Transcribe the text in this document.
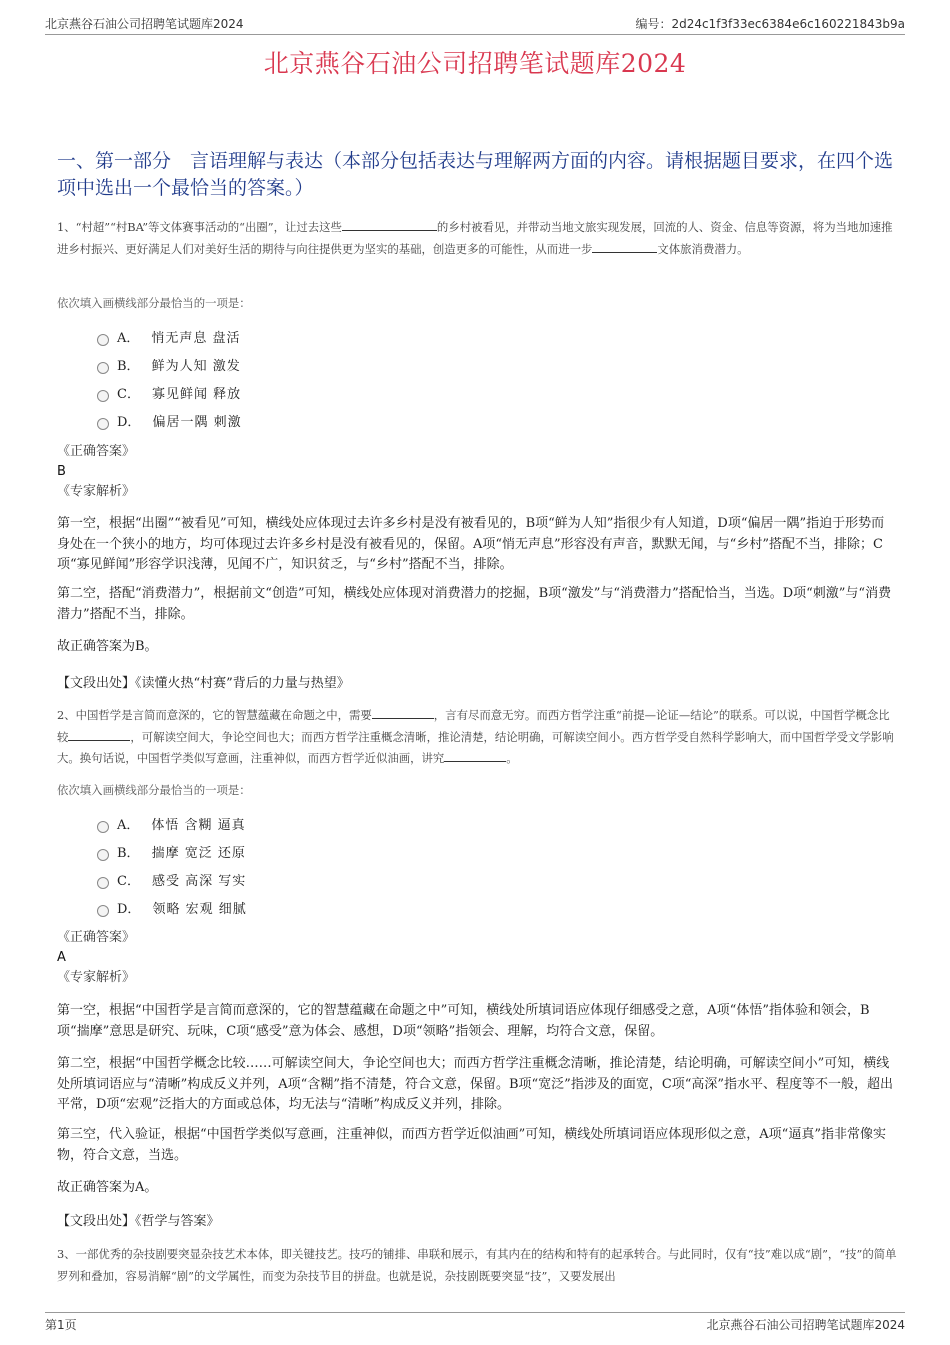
北京燕谷石油公司招聘笔试题库2024	编号：2d24c1f3f33ec6384e6c160221843b9a
北京燕谷石油公司招聘笔试题库2024
一、第一部分　言语理解与表达（本部分包括表达与理解两方面的内容。请根据题目要求，在四个选项中选出一个最恰当的答案。）

1、“村超”“村BA”等文体赛事活动的“出圈”，让过去这些	的乡村被看见，并带动当地文旅实现发展，回流的人、资金、信息等资源，将为当地加速推进乡村振兴、更好满足人们对美好生活的期待与向往提供更为坚实的基础，创造更多的可能性，从而进一步	文体旅消费潜力。

依次填入画横线部分最恰当的一项是：

A． 悄无声息 盘活
B． 鲜为人知 激发
C． 寡见鲜闻 释放
D． 偏居一隅 刺激

《正确答案》

B

《专家解析》

第一空，根据“出圈”“被看见”可知，横线处应体现过去许多乡村是没有被看见的，B项“鲜为人知”指很少有人知道，D项“偏居一隅”指迫于形势而身处在一个狭小的地方，均可体现过去许多乡村是没有被看见的，保留。A项“悄无声息”形容没有声音，默默无闻，与“乡村”搭配不当，排除；C项“寡见鲜闻”形容学识浅薄，见闻不广，知识贫乏，与“乡村”搭配不当，排除。

第二空，搭配“消费潜力”，根据前文“创造”可知，横线处应体现对消费潜力的挖掘，B项“激发”与“消费潜力”搭配恰当，当选。D项“刺激”与“消费潜力”搭配不当，排除。

故正确答案为B。

【文段出处】《读懂火热“村赛”背后的力量与热望》

2、中国哲学是言简而意深的，它的智慧蕴藏在命题之中，需要	，言有尽而意无穷。而西方哲学注重“前提—论证—结论”的联系。可以说，中国哲学概念比较	，可解读空间大，争论空间也大；而西方哲学注重概念清晰，推论清楚，结论明确，可解读空间小。西方哲学受自然科学影响大，而中国哲学受文学影响大。换句话说，中国哲学类似写意画，注重神似，而西方哲学近似油画，讲究	。

依次填入画横线部分最恰当的一项是：

A． 体悟 含糊 逼真
B． 揣摩 宽泛 还原
C． 感受 高深 写实
D． 领略 宏观 细腻

《正确答案》

A

《专家解析》

第一空，根据“中国哲学是言简而意深的，它的智慧蕴藏在命题之中”可知，横线处所填词语应体现仔细感受之意，A项“体悟”指体验和领会，B项“揣摩”意思是研究、玩味，C项“感受”意为体会、感想，D项“领略”指领会、理解，均符合文意，保留。

第二空，根据“中国哲学概念比较……可解读空间大，争论空间也大；而西方哲学注重概念清晰，推论清楚，结论明确，可解读空间小”可知，横线处所填词语应与“清晰”构成反义并列，A项“含糊”指不清楚，符合文意，保留。B项“宽泛”指涉及的面宽，C项“高深”指水平、程度等不一般，超出平常，D项“宏观”泛指大的方面或总体，均无法与“清晰”构成反义并列，排除。

第三空，代入验证，根据“中国哲学类似写意画，注重神似，而西方哲学近似油画”可知，横线处所填词语应体现形似之意，A项“逼真”指非常像实物，符合文意，当选。

故正确答案为A。

【文段出处】《哲学与答案》

3、一部优秀的杂技剧要突显杂技艺术本体，即关键技艺。技巧的铺排、串联和展示，有其内在的结构和特有的起承转合。与此同时，仅有“技”难以成“剧”，“技”的简单罗列和叠加，容易消解“剧”的文学属性，而变为杂技节目的拼盘。也就是说，杂技剧既要突显“技”，又要发展出

第1页	北京燕谷石油公司招聘笔试题库2024
